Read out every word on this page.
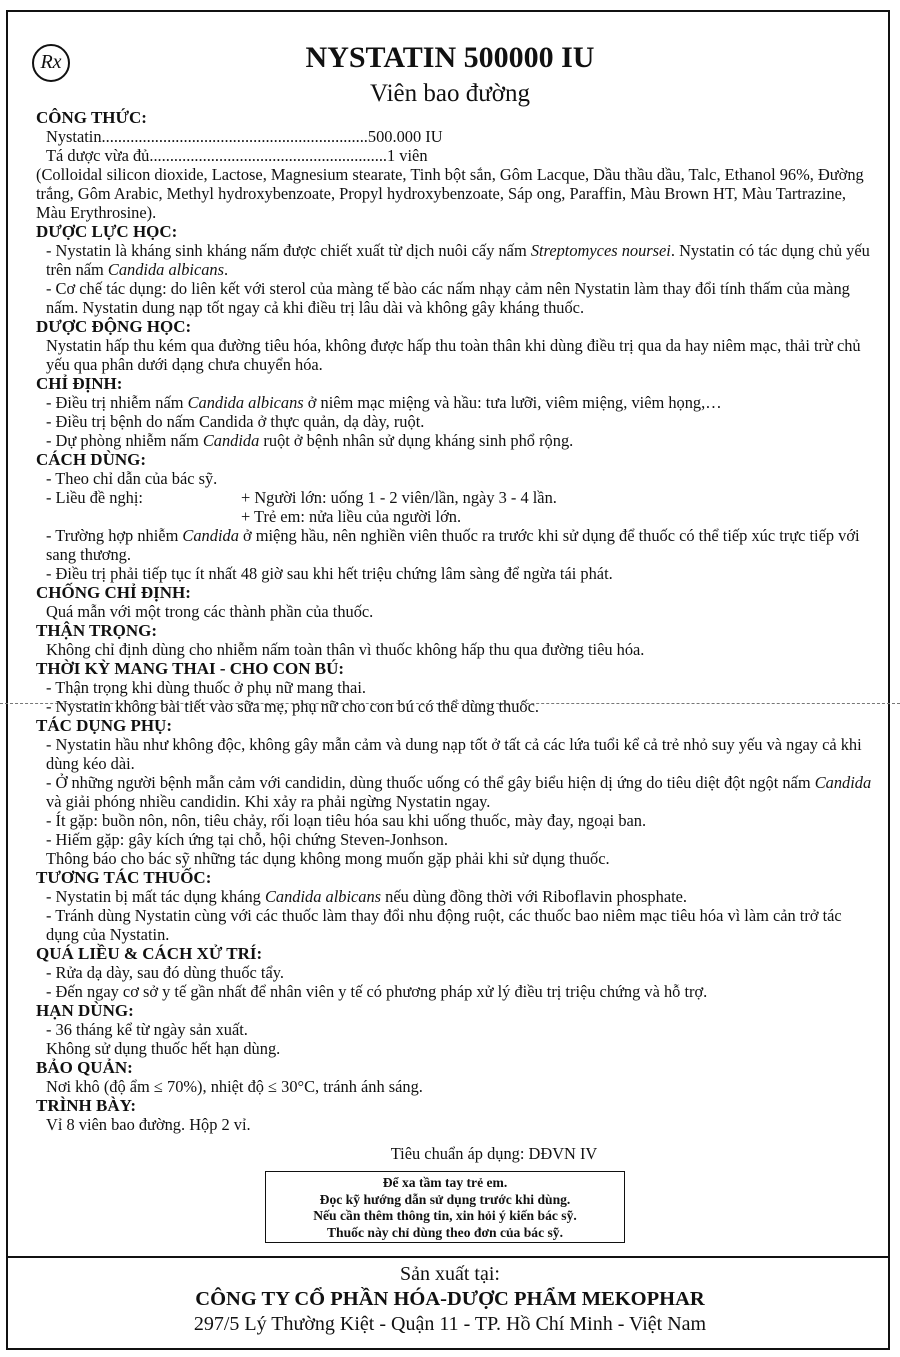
Rx	NYSTATIN 500000 IU
Viên bao đường
CÔNG THỨC:
Nystatin.................................................................500.000 IU
Tá dược vừa đủ..........................................................1 viên
(Colloidal silicon dioxide, Lactose, Magnesium stearate, Tinh bột sắn, Gôm Lacque, Dầu thầu dầu, Talc, Ethanol 96%, Đường trắng, Gôm Arabic, Methyl hydroxybenzoate, Propyl hydroxybenzoate, Sáp ong, Paraffin, Màu Brown HT, Màu Tartrazine, Màu Erythrosine).
DƯỢC LỰC HỌC:
- Nystatin là kháng sinh kháng nấm được chiết xuất từ dịch nuôi cấy nấm Streptomyces noursei. Nystatin có tác dụng chủ yếu trên nấm Candida albicans.
- Cơ chế tác dụng: do liên kết với sterol của màng tế bào các nấm nhạy cảm nên Nystatin làm thay đổi tính thấm của màng nấm. Nystatin dung nạp tốt ngay cả khi điều trị lâu dài và không gây kháng thuốc.
DƯỢC ĐỘNG HỌC:
Nystatin hấp thu kém qua đường tiêu hóa, không được hấp thu toàn thân khi dùng điều trị qua da hay niêm mạc, thải trừ chủ yếu qua phân dưới dạng chưa chuyển hóa.
CHỈ ĐỊNH:
- Điều trị nhiễm nấm Candida albicans ở niêm mạc miệng và hầu: tưa lưỡi, viêm miệng, viêm họng,…
- Điều trị bệnh do nấm Candida ở thực quản, dạ dày, ruột.
- Dự phòng nhiễm nấm Candida ruột ở bệnh nhân sử dụng kháng sinh phổ rộng.
CÁCH DÙNG:
- Theo chỉ dẫn của bác sỹ.
- Liều đề nghị:	+ Người lớn: uống 1 - 2 viên/lần, ngày 3 - 4 lần.
+ Trẻ em: nửa liều của người lớn.
- Trường hợp nhiễm Candida ở miệng hầu, nên nghiền viên thuốc ra trước khi sử dụng để thuốc có thể tiếp xúc trực tiếp với sang thương.
- Điều trị phải tiếp tục ít nhất 48 giờ sau khi hết triệu chứng lâm sàng để ngừa tái phát.
CHỐNG CHỈ ĐỊNH:
Quá mẫn với một trong các thành phần của thuốc.
THẬN TRỌNG:
Không chỉ định dùng cho nhiễm nấm toàn thân vì thuốc không hấp thu qua đường tiêu hóa.
THỜI KỲ MANG THAI - CHO CON BÚ:
- Thận trọng khi dùng thuốc ở phụ nữ mang thai.
- Nystatin không bài tiết vào sữa mẹ, phụ nữ cho con bú có thể dùng thuốc.
TÁC DỤNG PHỤ:
- Nystatin hầu như không độc, không gây mẫn cảm và dung nạp tốt ở tất cả các lứa tuổi kể cả trẻ nhỏ suy yếu và ngay cả khi dùng kéo dài.
- Ở những người bệnh mẫn cảm với candidin, dùng thuốc uống có thể gây biểu hiện dị ứng do tiêu diệt đột ngột nấm Candida và giải phóng nhiều candidin. Khi xảy ra phải ngừng Nystatin ngay.
- Ít gặp: buồn nôn, nôn, tiêu chảy, rối loạn tiêu hóa sau khi uống thuốc, mày đay, ngoại ban.
- Hiếm gặp: gây kích ứng tại chỗ, hội chứng Steven-Jonhson.
Thông báo cho bác sỹ những tác dụng không mong muốn gặp phải khi sử dụng thuốc.
TƯƠNG TÁC THUỐC:
- Nystatin bị mất tác dụng kháng Candida albicans nếu dùng đồng thời với Riboflavin phosphate.
- Tránh dùng Nystatin cùng với các thuốc làm thay đổi nhu động ruột, các thuốc bao niêm mạc tiêu hóa vì làm cản trở tác dụng của Nystatin.
QUÁ LIỀU & CÁCH XỬ TRÍ:
- Rửa dạ dày, sau đó dùng thuốc tẩy.
- Đến ngay cơ sở y tế gần nhất để nhân viên y tế có phương pháp xử lý điều trị triệu chứng và hỗ trợ.
HẠN DÙNG:
- 36 tháng kể từ ngày sản xuất.
Không sử dụng thuốc hết hạn dùng.
BẢO QUẢN:
Nơi khô (độ ẩm ≤ 70%), nhiệt độ ≤ 30°C, tránh ánh sáng.
TRÌNH BÀY:
Vỉ 8 viên bao đường. Hộp 2 vỉ.
Tiêu chuẩn áp dụng: DĐVN IV
Để xa tầm tay trẻ em.
Đọc kỹ hướng dẫn sử dụng trước khi dùng.
Nếu cần thêm thông tin, xin hỏi ý kiến bác sỹ.
Thuốc này chỉ dùng theo đơn của bác sỹ.
Sản xuất tại:
CÔNG TY CỔ PHẦN HÓA-DƯỢC PHẨM MEKOPHAR
297/5 Lý Thường Kiệt - Quận 11 - TP. Hồ Chí Minh - Việt Nam
